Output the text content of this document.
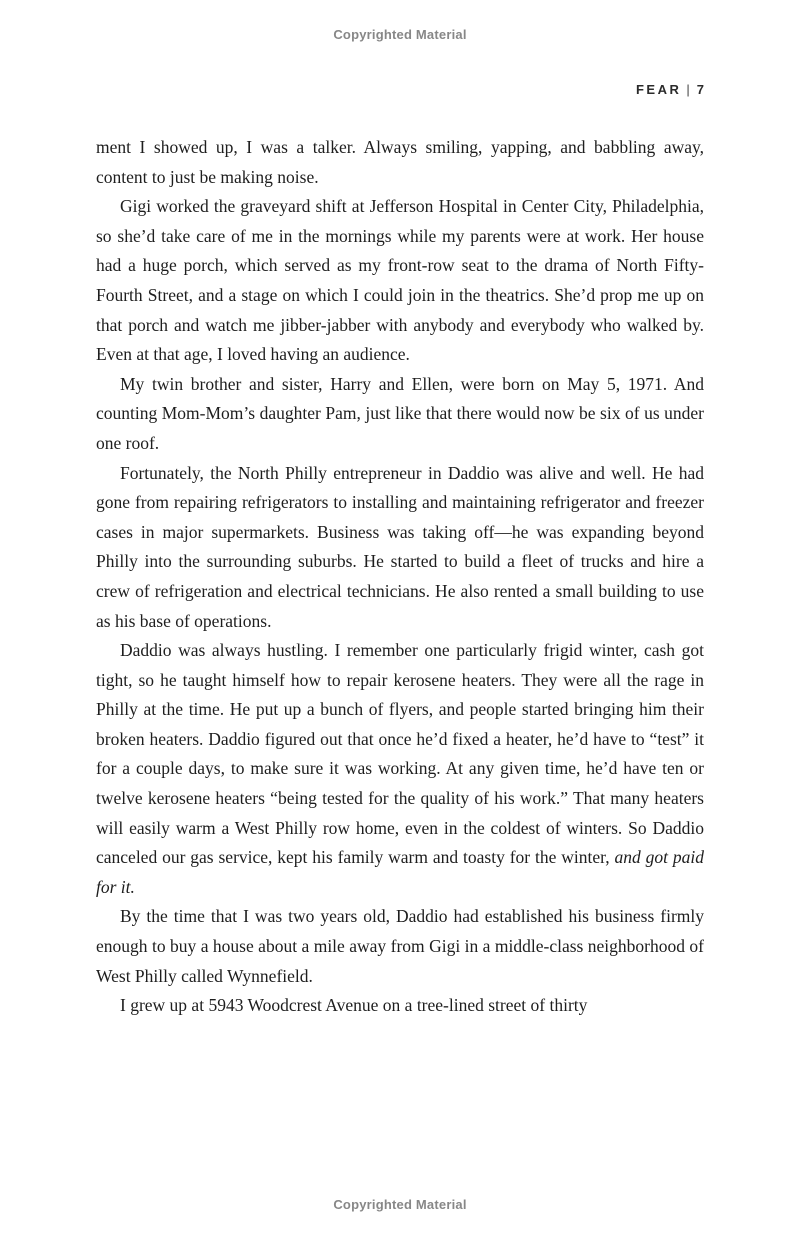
Copyrighted Material
FEAR | 7

ment I showed up, I was a talker. Always smiling, yapping, and babbling away, content to just be making noise.

Gigi worked the graveyard shift at Jefferson Hospital in Center City, Philadelphia, so she’d take care of me in the mornings while my parents were at work. Her house had a huge porch, which served as my front-row seat to the drama of North Fifty-Fourth Street, and a stage on which I could join in the theatrics. She’d prop me up on that porch and watch me jibber-jabber with anybody and everybody who walked by. Even at that age, I loved having an audience.

My twin brother and sister, Harry and Ellen, were born on May 5, 1971. And counting Mom-Mom’s daughter Pam, just like that there would now be six of us under one roof.

Fortunately, the North Philly entrepreneur in Daddio was alive and well. He had gone from repairing refrigerators to installing and maintaining refrigerator and freezer cases in major supermarkets. Business was taking off—he was expanding beyond Philly into the surrounding suburbs. He started to build a fleet of trucks and hire a crew of refrigeration and electrical technicians. He also rented a small building to use as his base of operations.

Daddio was always hustling. I remember one particularly frigid winter, cash got tight, so he taught himself how to repair kerosene heaters. They were all the rage in Philly at the time. He put up a bunch of flyers, and people started bringing him their broken heaters. Daddio figured out that once he’d fixed a heater, he’d have to “test” it for a couple days, to make sure it was working. At any given time, he’d have ten or twelve kerosene heaters “being tested for the quality of his work.” That many heaters will easily warm a West Philly row home, even in the coldest of winters. So Daddio canceled our gas service, kept his family warm and toasty for the winter, and got paid for it.

By the time that I was two years old, Daddio had established his business firmly enough to buy a house about a mile away from Gigi in a middle-class neighborhood of West Philly called Wynnefield.

I grew up at 5943 Woodcrest Avenue on a tree-lined street of thirty

Copyrighted Material
